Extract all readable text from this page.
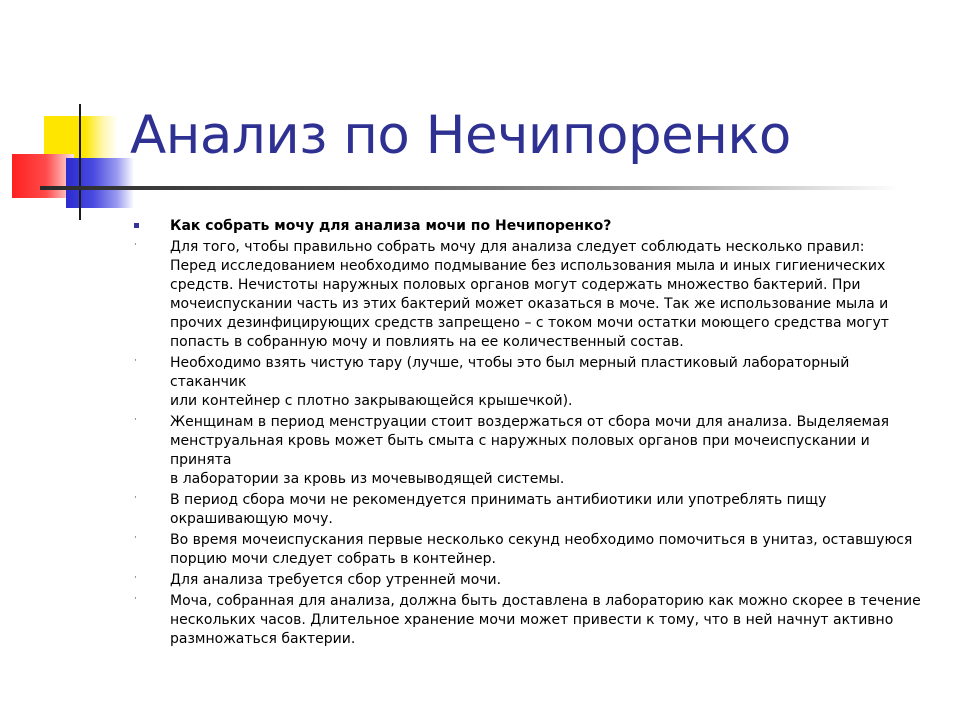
Анализ по Нечипоренко
Как собрать мочу для анализа мочи по Нечипоренко?
· Для того, чтобы правильно собрать мочу для анализа следует соблюдать несколько правил:
Перед исследованием необходимо подмывание без использования мыла и иных гигиенических
средств. Нечистоты наружных половых органов могут содержать множество бактерий. При
мочеиспускании часть из этих бактерий может оказаться в моче. Так же использование мыла и
прочих дезинфицирующих средств запрещено – с током мочи остатки моющего средства могут
попасть в собранную мочу и повлиять на ее количественный состав.
· Необходимо взять чистую тару (лучше, чтобы это был мерный пластиковый лабораторный стаканчик
или контейнер с плотно закрывающейся крышечкой).
· Женщинам в период менструации стоит воздержаться от сбора мочи для анализа. Выделяемая
менструальная кровь может быть смыта с наружных половых органов при мочеиспускании и принята
в лаборатории за кровь из мочевыводящей системы.
· В период сбора мочи не рекомендуется принимать антибиотики или употреблять пищу
окрашивающую мочу.
· Во время мочеиспускания первые несколько секунд необходимо помочиться в унитаз, оставшуюся
порцию мочи следует собрать в контейнер.
· Для анализа требуется сбор утренней мочи.
· Моча, собранная для анализа, должна быть доставлена в лабораторию как можно скорее в течение
нескольких часов. Длительное хранение мочи может привести к тому, что в ней начнут активно
размножаться бактерии.
